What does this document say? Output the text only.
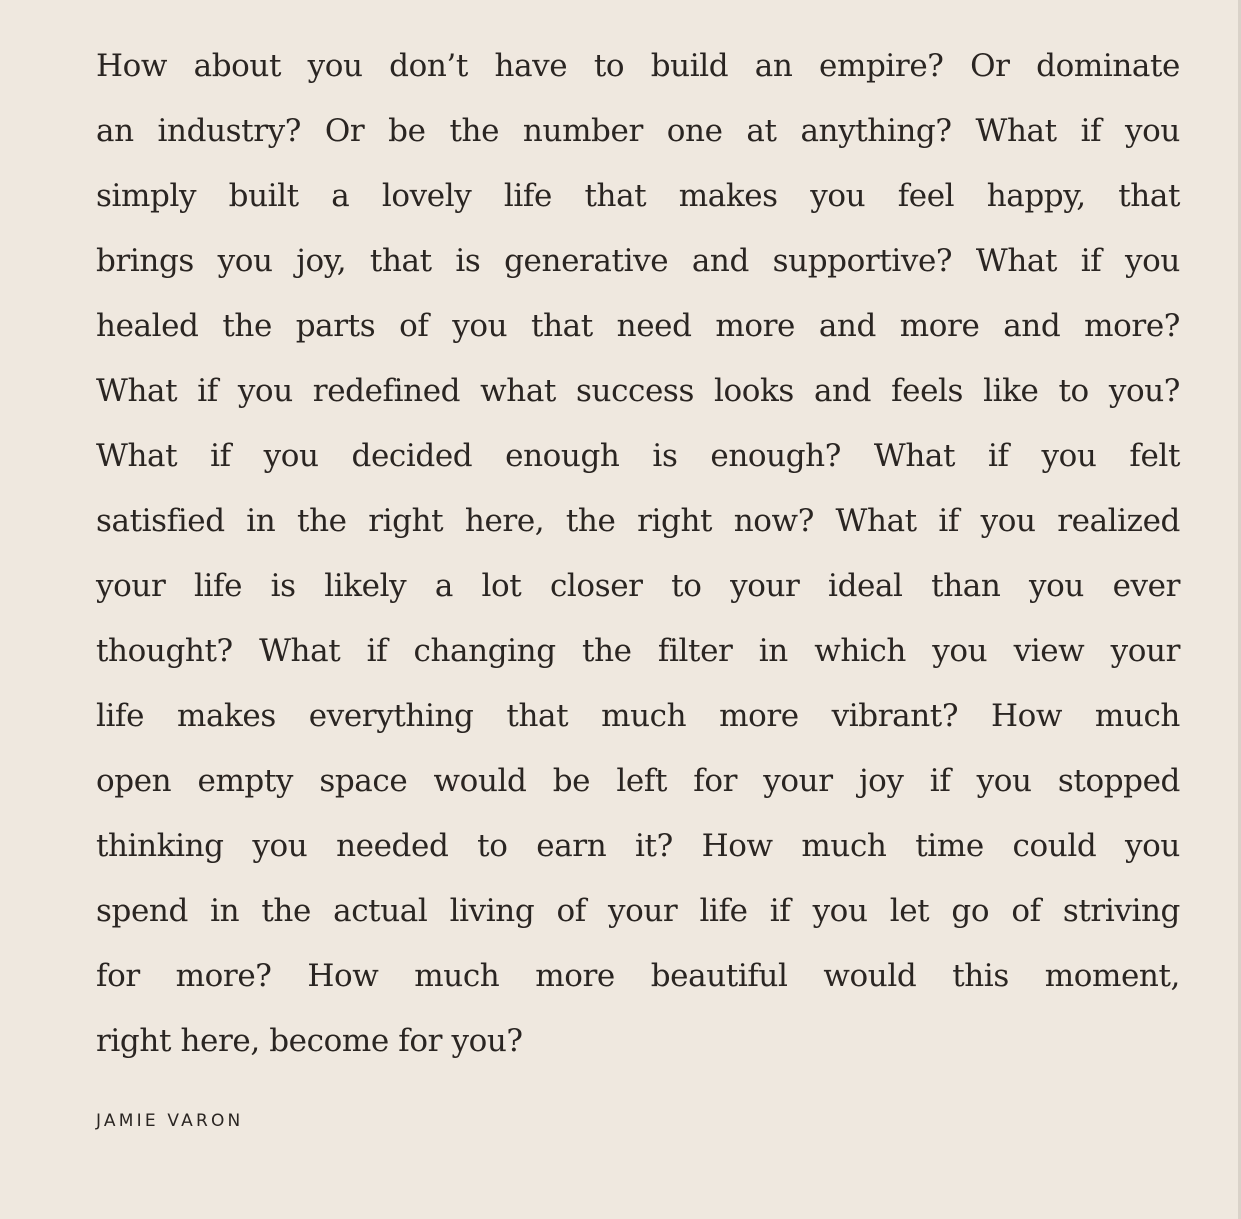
How about you don’t have to build an empire? Or dominate
an industry? Or be the number one at anything? What if you
simply built a lovely life that makes you feel happy, that
brings you joy, that is generative and supportive? What if you
healed the parts of you that need more and more and more?
What if you redefined what success looks and feels like to you?
What if you decided enough is enough? What if you felt
satisfied in the right here, the right now? What if you realized
your life is likely a lot closer to your ideal than you ever
thought? What if changing the filter in which you view your
life makes everything that much more vibrant? How much
open empty space would be left for your joy if you stopped
thinking you needed to earn it? How much time could you
spend in the actual living of your life if you let go of striving
for more? How much more beautiful would this moment,
right here, become for you?
JAMIE VARON
